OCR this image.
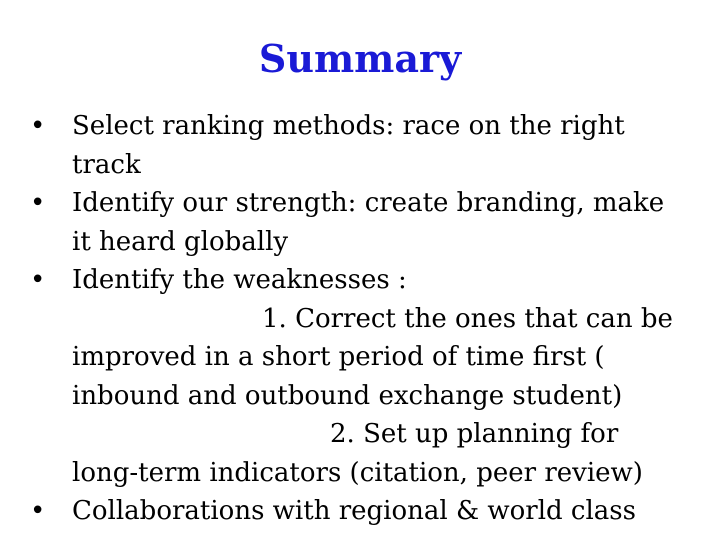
Summary
• Select ranking methods: race on the right
track
• Identify our strength: create branding, make
it heard globally
• Identify the weaknesses :
1. Correct the ones that can be
improved in a short period of time first (
inbound and outbound exchange student)
2. Set up planning for
long-term indicators (citation, peer review)
• Collaborations with regional & world class
